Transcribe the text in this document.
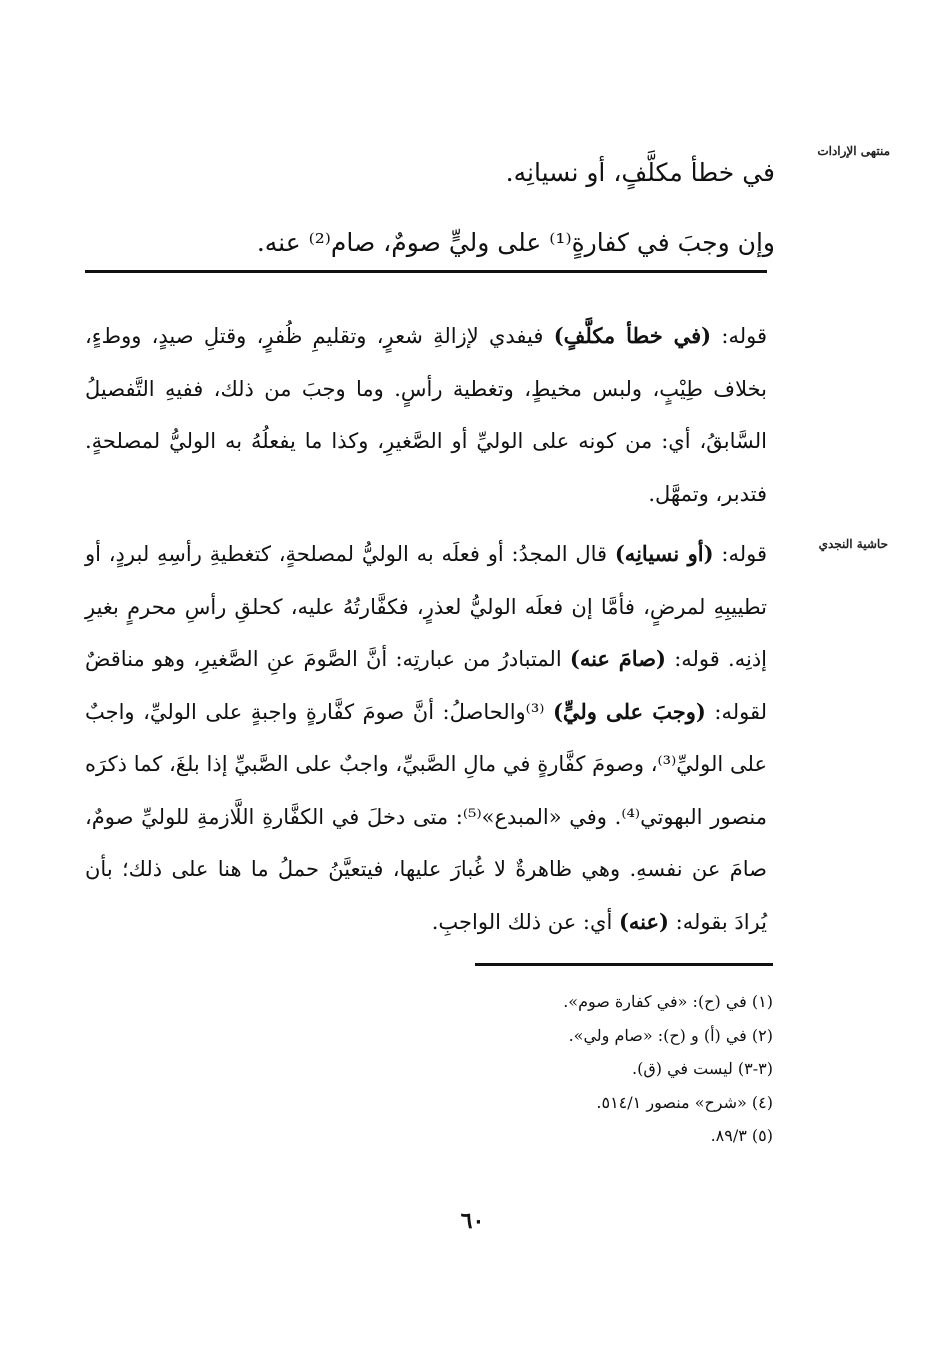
منتهى الإرادات
حاشية النجدي

في خطأ مكلَّفٍ، أو نسيانِه.

وإن وجبَ في كفارةٍ⁽¹⁾ على وليٍّ صومٌ، صام⁽²⁾ عنه.

قوله: (في خطأ مكلَّفٍ) فيفدي لإزالةِ شعرٍ، وتقليمِ ظُفرٍ، وقتلِ صيدٍ، ووطءٍ، بخلاف طِيْبٍ، ولبس مخيطٍ، وتغطية رأسٍ. وما وجبَ من ذلك، ففيهِ التَّفصيلُ السَّابقُ، أي: من كونه على الوليِّ أو الصَّغيرِ، وكذا ما يفعلُهُ به الوليُّ لمصلحةٍ. فتدبر، وتمهَّل.

قوله: (أو نسيانِه) قال المجدُ: أو فعلَه به الوليُّ لمصلحةٍ، كتغطيةِ رأسِهِ لبردٍ، أو تطييبِهِ لمرضٍ، فأمَّا إن فعلَه الوليُّ لعذرٍ، فكفَّارتُهُ عليه، كحلقِ رأسِ محرمٍ بغيرِ إذنِه. قوله: (صامَ عنه) المتبادرُ من عبارتِه: أنَّ الصَّومَ عنِ الصَّغيرِ، وهو مناقضٌ لقوله: (وجبَ على وليٍّ) ⁽³⁾والحاصلُ: أنَّ صومَ كفَّارةٍ واجبةٍ على الوليِّ، واجبٌ على الوليِّ⁽³⁾، وصومَ كفَّارةٍ في مالِ الصَّبيِّ، واجبٌ على الصَّبيِّ إذا بلغَ، كما ذكرَه منصور البهوتي⁽⁴⁾. وفي «المبدع»⁽⁵⁾: متى دخلَ في الكفَّارةِ اللَّازمةِ للوليِّ صومٌ، صامَ عن نفسهِ. وهي ظاهرةٌ لا غُبارَ عليها، فيتعيَّنُ حملُ ما هنا على ذلك؛ بأن يُرادَ بقوله: (عنه) أي: عن ذلك الواجبِ.

(١) في (ح): «في كفارة صوم».

(٢) في (أ) و (ح): «صام ولي».

(٣-٣) ليست في (ق).

(٤) «شرح» منصور ٥١٤/١.

(٥) ٨٩/٣.

٦٠
